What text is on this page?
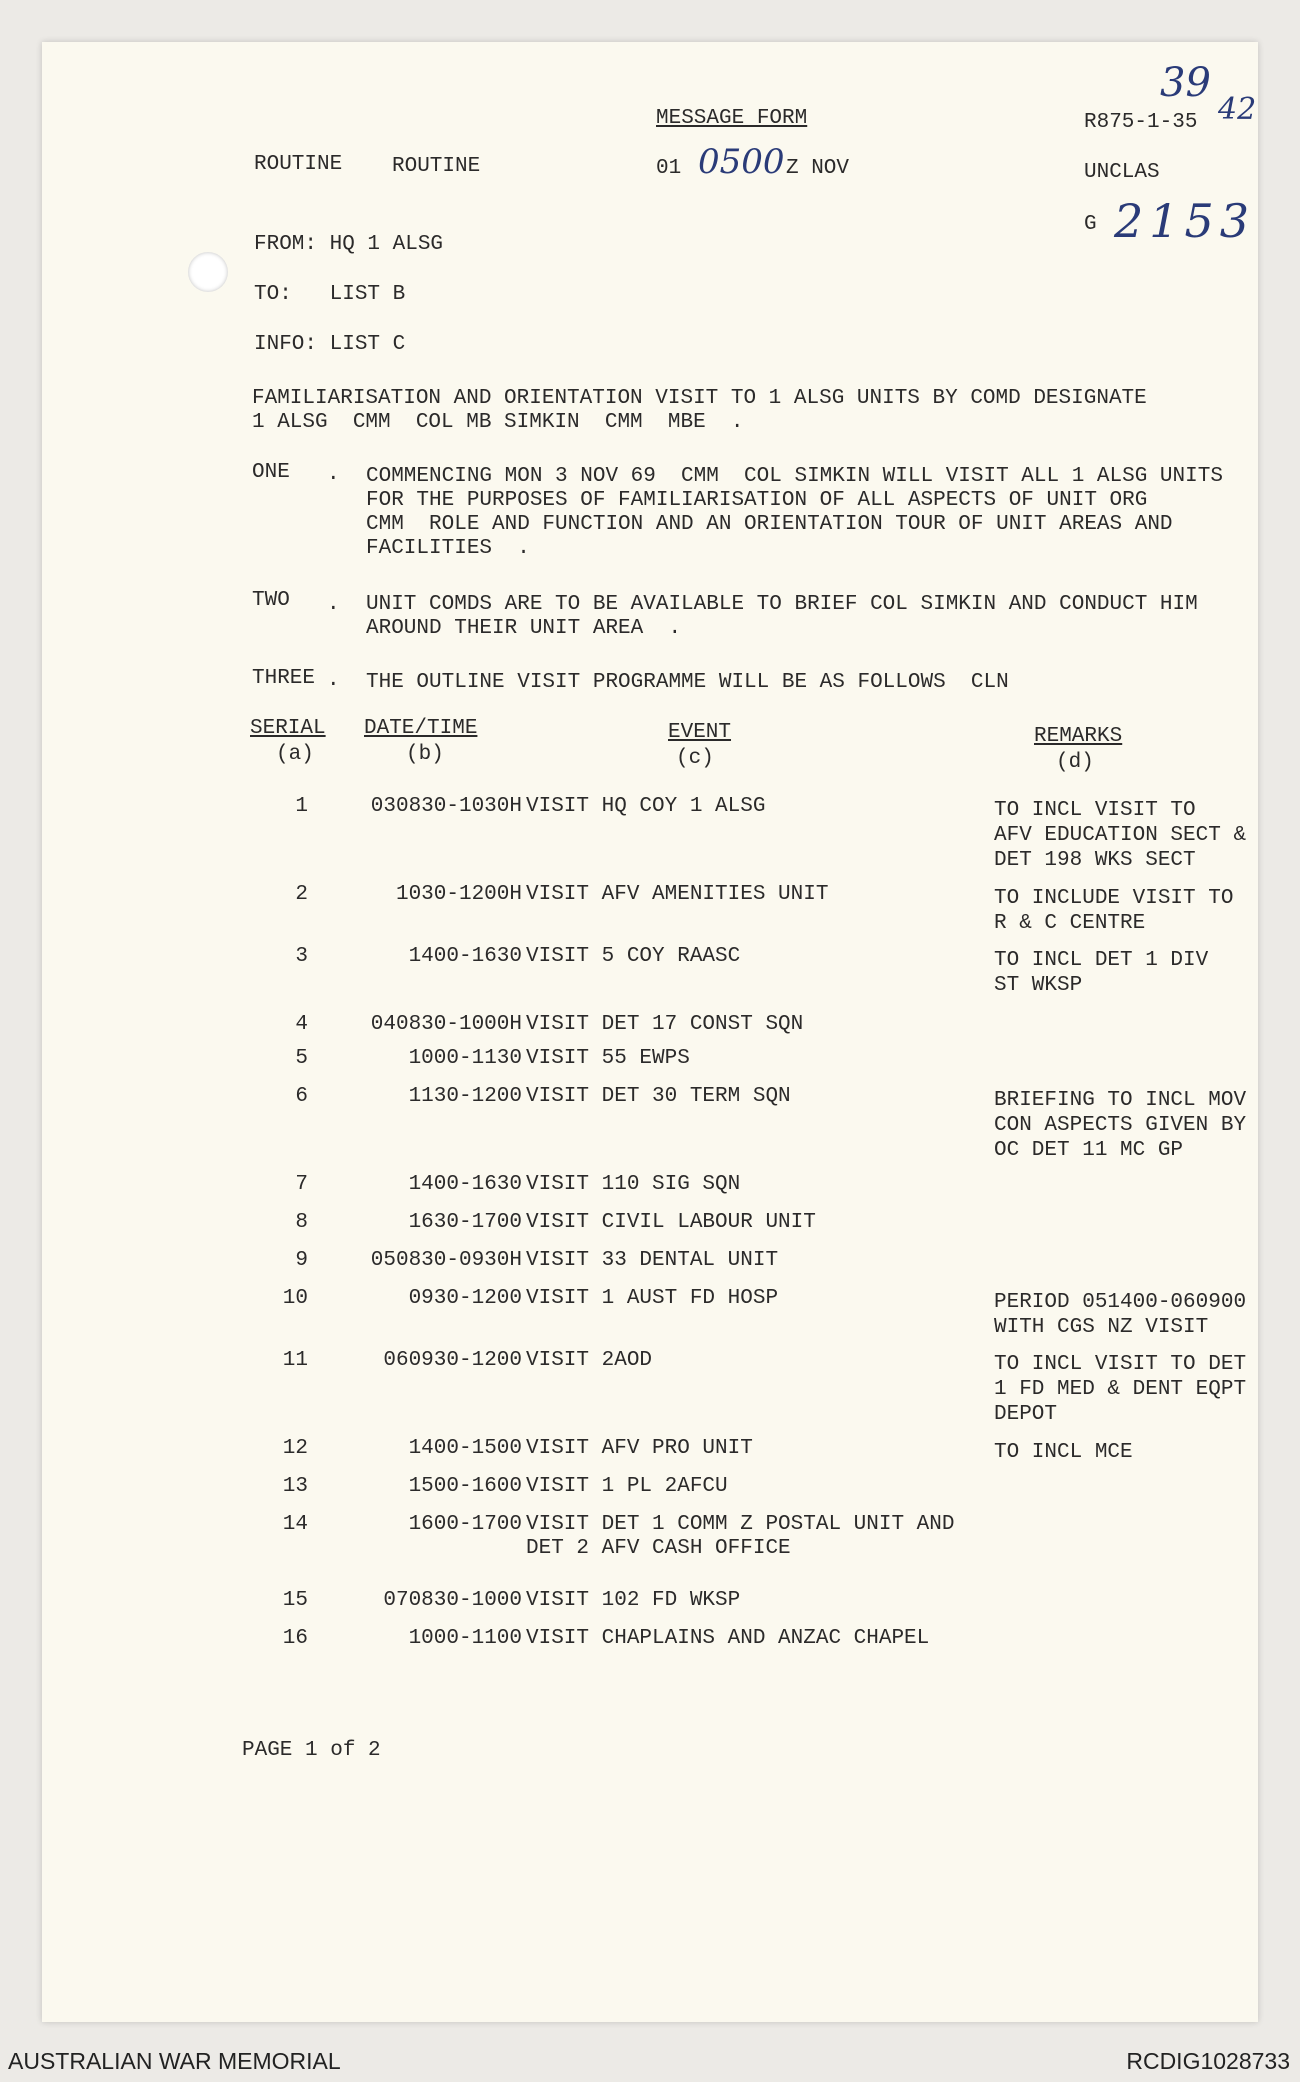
MESSAGE FORM	R875-1-35
39
42
ROUTINE ROUTINE	01 0500 Z NOV	UNCLAS
G 2153
FROM: HQ 1 ALSG
TO:   LIST B
INFO: LIST C
FAMILIARISATION AND ORIENTATION VISIT TO 1 ALSG UNITS BY COMD DESIGNATE
1 ALSG  CMM  COL MB SIMKIN  CMM  MBE  .
ONE . COMMENCING MON 3 NOV 69  CMM  COL SIMKIN WILL VISIT ALL 1 ALSG UNITS
FOR THE PURPOSES OF FAMILIARISATION OF ALL ASPECTS OF UNIT ORG
CMM  ROLE AND FUNCTION AND AN ORIENTATION TOUR OF UNIT AREAS AND
FACILITIES  .
TWO . UNIT COMDS ARE TO BE AVAILABLE TO BRIEF COL SIMKIN AND CONDUCT HIM
AROUND THEIR UNIT AREA  .
THREE . THE OUTLINE VISIT PROGRAMME WILL BE AS FOLLOWS  CLN
SERIAL
(a)
DATE/TIME
(b)
EVENT
(c)
REMARKS
(d)
1	030830-1030H VISIT HQ COY 1 ALSG	TO INCL VISIT TO
AFV EDUCATION SECT &
DET 198 WKS SECT
2	1030-1200H VISIT AFV AMENITIES UNIT	TO INCLUDE VISIT TO
R & C CENTRE
3	1400-1630 VISIT 5 COY RAASC	TO INCL DET 1 DIV
ST WKSP
4	040830-1000H VISIT DET 17 CONST SQN
5	1000-1130 VISIT 55 EWPS
6	1130-1200 VISIT DET 30 TERM SQN	BRIEFING TO INCL MOV
CON ASPECTS GIVEN BY
OC DET 11 MC GP
7	1400-1630 VISIT 110 SIG SQN
8	1630-1700 VISIT CIVIL LABOUR UNIT
9	050830-0930H VISIT 33 DENTAL UNIT
10	0930-1200 VISIT 1 AUST FD HOSP	PERIOD 051400-060900
WITH CGS NZ VISIT
11	060930-1200 VISIT 2AOD	TO INCL VISIT TO DET
1 FD MED & DENT EQPT
DEPOT
12	1400-1500 VISIT AFV PRO UNIT	TO INCL MCE
13	1500-1600 VISIT 1 PL 2AFCU
14	1600-1700 VISIT DET 1 COMM Z POSTAL UNIT AND
DET 2 AFV CASH OFFICE
15	070830-1000 VISIT 102 FD WKSP
16	1000-1100 VISIT CHAPLAINS AND ANZAC CHAPEL
PAGE 1 of 2
AUSTRALIAN WAR MEMORIAL	RCDIG1028733
